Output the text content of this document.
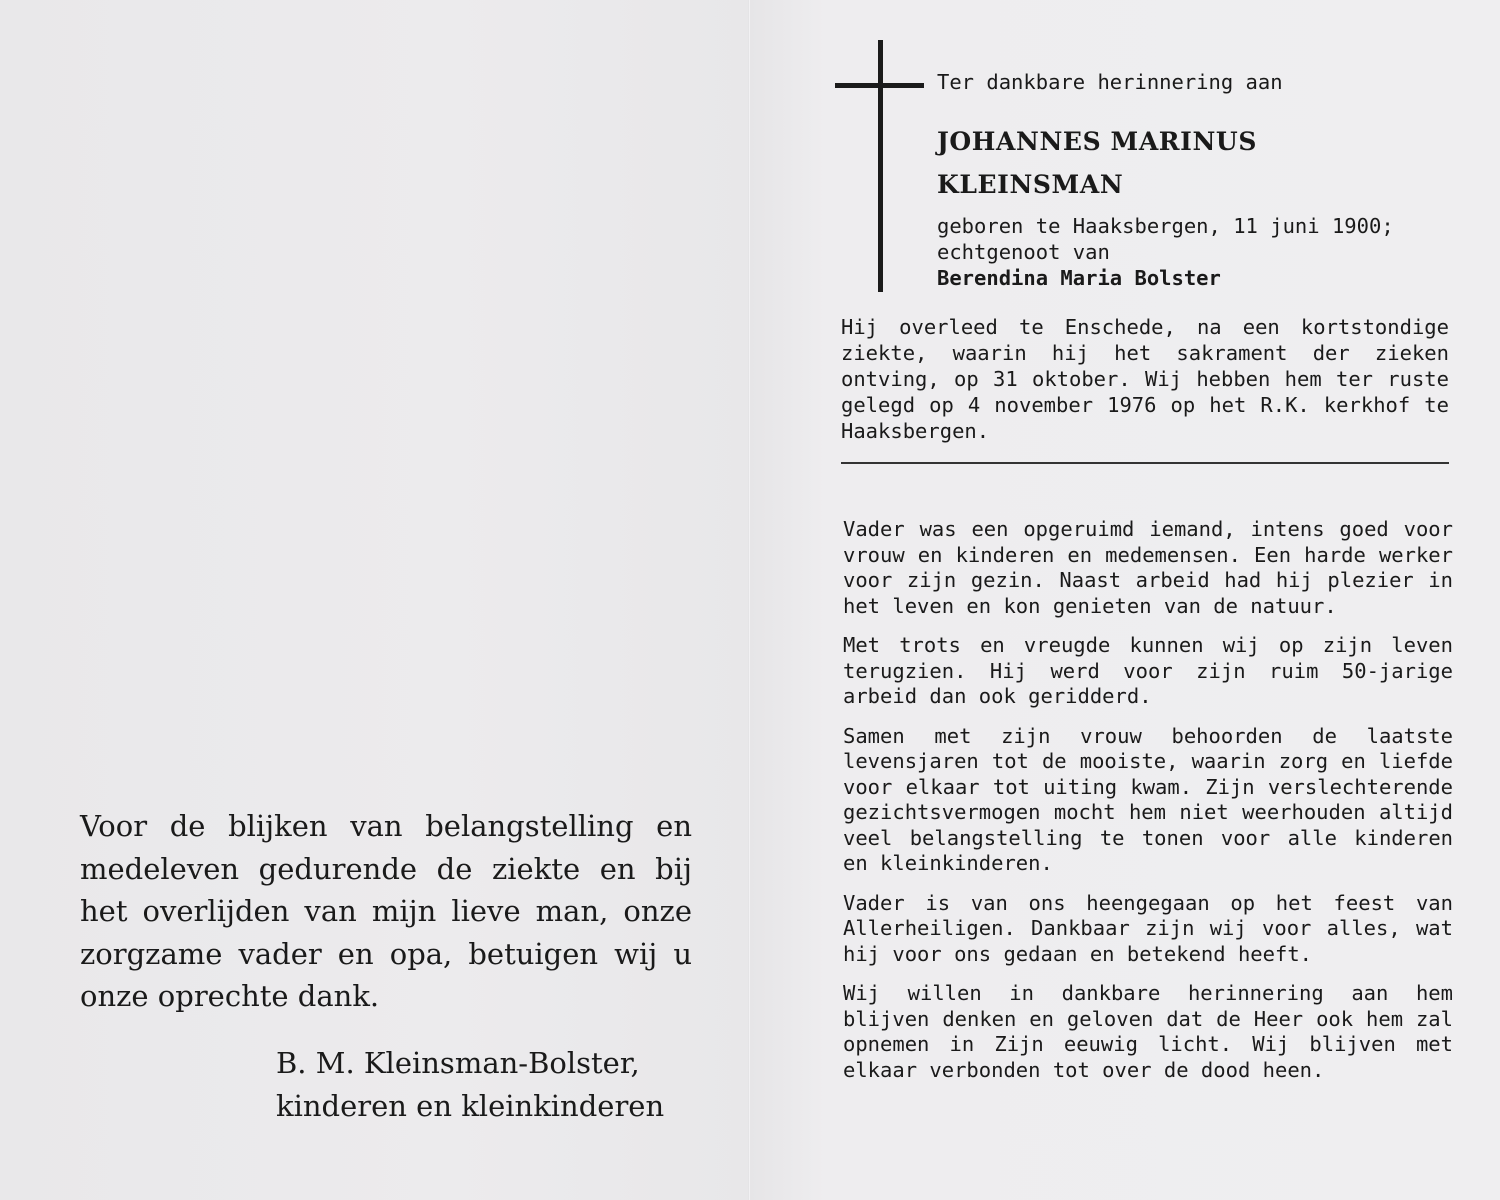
Voor de blijken van belangstelling en medeleven gedurende de ziekte en bij het overlijden van mijn lieve man, onze zorgzame vader en opa, betuigen wij u onze oprechte dank.

B. M. Kleinsman-Bolster,
kinderen en kleinkinderen
Ter dankbare herinnering aan
JOHANNES MARINUS
KLEINSMAN
geboren te Haaksbergen, 11 juni 1900;
echtgenoot van
Berendina Maria Bolster

Hij overleed te Enschede, na een kortstondige ziekte, waarin hij het sakrament der zieken ontving, op 31 oktober. Wij hebben hem ter ruste gelegd op 4 november 1976 op het R.K. kerkhof te Haaksbergen.

Vader was een opgeruimd iemand, intens goed voor vrouw en kinderen en medemensen. Een harde werker voor zijn gezin. Naast arbeid had hij plezier in het leven en kon genieten van de natuur.

Met trots en vreugde kunnen wij op zijn leven terugzien. Hij werd voor zijn ruim 50-jarige arbeid dan ook geridderd.

Samen met zijn vrouw behoorden de laatste levensjaren tot de mooiste, waarin zorg en liefde voor elkaar tot uiting kwam. Zijn verslechterende gezichtsvermogen mocht hem niet weerhouden altijd veel belangstelling te tonen voor alle kinderen en kleinkinderen.

Vader is van ons heengegaan op het feest van Allerheiligen. Dankbaar zijn wij voor alles, wat hij voor ons gedaan en betekend heeft.

Wij willen in dankbare herinnering aan hem blijven denken en geloven dat de Heer ook hem zal opnemen in Zijn eeuwig licht. Wij blijven met elkaar verbonden tot over de dood heen.
